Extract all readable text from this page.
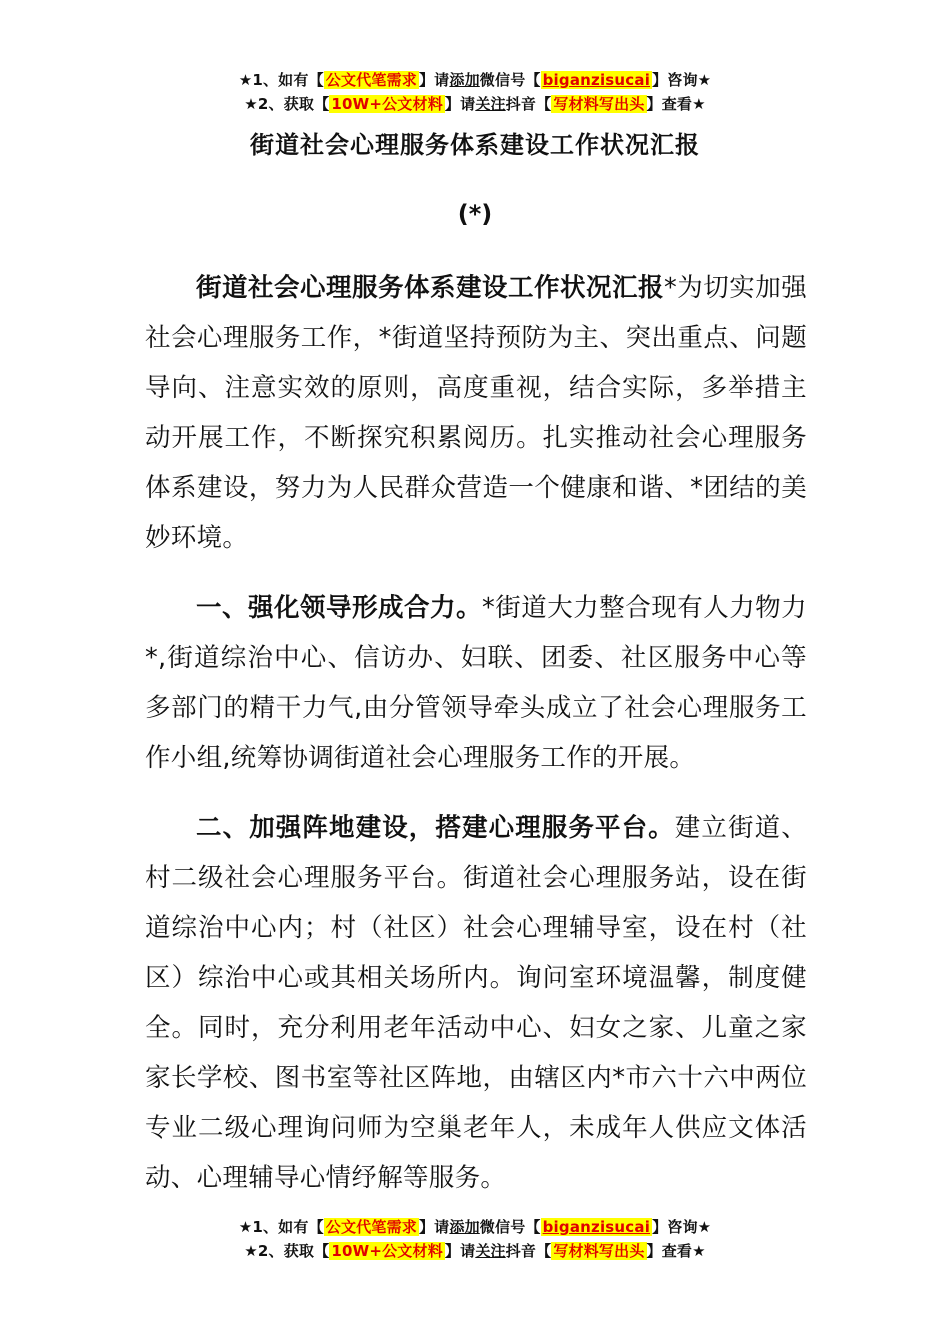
★1、如有【 公文代笔需求 】请添加微信号【 biganzisucai 】咨询★
★2、获取【 10W+公文材料 】请关注抖音【 写材料写出头 】查看★
街道社会心理服务体系建设工作状况汇报
(*)

街道社会心理服务体系建设工作状况汇报*为切实加强社会心理服务工作，*街道坚持预防为主、突出重点、问题导向、注意实效的原则，高度重视，结合实际，多举措主动开展工作，不断探究积累阅历。扎实推动社会心理服务体系建设，努力为人民群众营造一个健康和谐、*团结的美妙环境。

一、强化领导形成合力。*街道大力整合现有人力物力*,街道综治中心、信访办、妇联、团委、社区服务中心等多部门的精干力气,由分管领导牵头成立了社会心理服务工作小组,统筹协调街道社会心理服务工作的开展。

二、加强阵地建设，搭建心理服务平台。建立街道、村二级社会心理服务平台。街道社会心理服务站，设在街道综治中心内；村（社区）社会心理辅导室，设在村（社区）综治中心或其相关场所内。询问室环境温馨，制度健全。同时，充分利用老年活动中心、妇女之家、儿童之家家长学校、图书室等社区阵地，由辖区内*市六十六中两位专业二级心理询问师为空巢老年人，未成年人供应文体活动、心理辅导心情纾解等服务。

★1、如有【 公文代笔需求 】请添加微信号【 biganzisucai 】咨询★
★2、获取【 10W+公文材料 】请关注抖音【 写材料写出头 】查看★
